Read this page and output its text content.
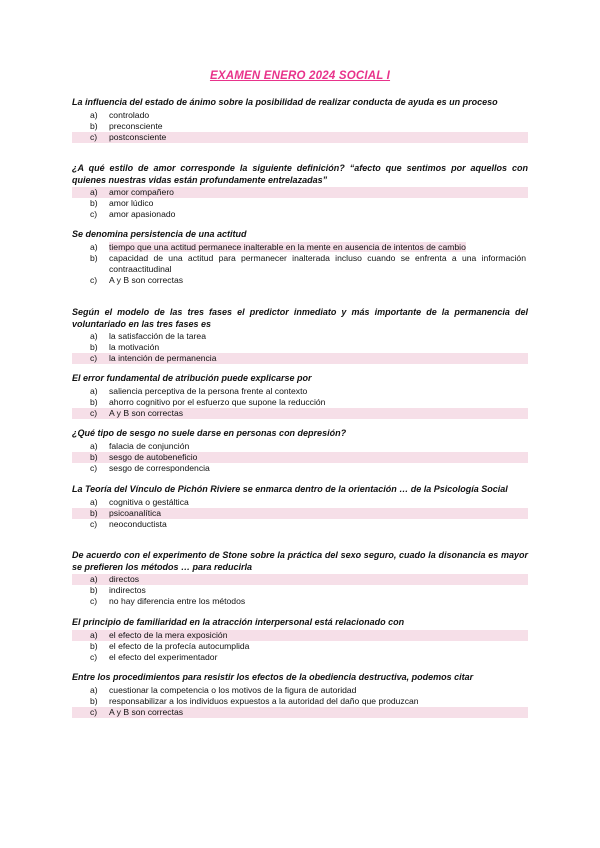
EXAMEN ENERO 2024 SOCIAL I
La influencia del estado de ánimo sobre la posibilidad de realizar conducta de ayuda es un proceso
a)	controlado
b)	preconsciente
c)	postconsciente
¿A qué estilo de amor corresponde la siguiente definición? “afecto que sentimos por aquellos con quienes nuestras vidas están profundamente entrelazadas”
a)	amor compañero
b)	amor lúdico
c)	amor apasionado
Se denomina persistencia de una actitud
a)	tiempo que una actitud permanece inalterable en la mente en ausencia de intentos de cambio
b)	capacidad de una actitud para permanecer inalterada incluso cuando se enfrenta a una información contraactitudinal
c)	A y B son correctas
Según el modelo de las tres fases el predictor inmediato y más importante de la permanencia del voluntariado en las tres fases es
a)	la satisfacción de la tarea
b)	la motivación
c)	la intención de permanencia
El error fundamental de atribución puede explicarse por
a)	saliencia perceptiva de la persona frente al contexto
b)	ahorro cognitivo por el esfuerzo que supone la reducción
c)	A y B son correctas
¿Qué tipo de sesgo no suele darse en personas con depresión?
a)	falacia de conjunción
b)	sesgo de autobeneficio
c)	sesgo de correspondencia
La Teoría del Vínculo de Pichón Riviere se enmarca dentro de la orientación … de la Psicología Social
a)	cognitiva o gestáltica
b)	psicoanalítica
c)	neoconductista
De acuerdo con el experimento de Stone sobre la práctica del sexo seguro, cuado la disonancia es mayor se prefieren los métodos … para reducirla
a)	directos
b)	indirectos
c)	no hay diferencia entre los métodos
El principio de familiaridad en la atracción interpersonal está relacionado con
a)	el efecto de la mera exposición
b)	el efecto de la profecía autocumplida
c)	el efecto del experimentador
Entre los procedimientos para resistir los efectos de la obediencia destructiva, podemos citar
a)	cuestionar la competencia o los motivos de la figura de autoridad
b)	responsabilizar a los individuos expuestos a la autoridad del daño que produzcan
c)	A y B son correctas
